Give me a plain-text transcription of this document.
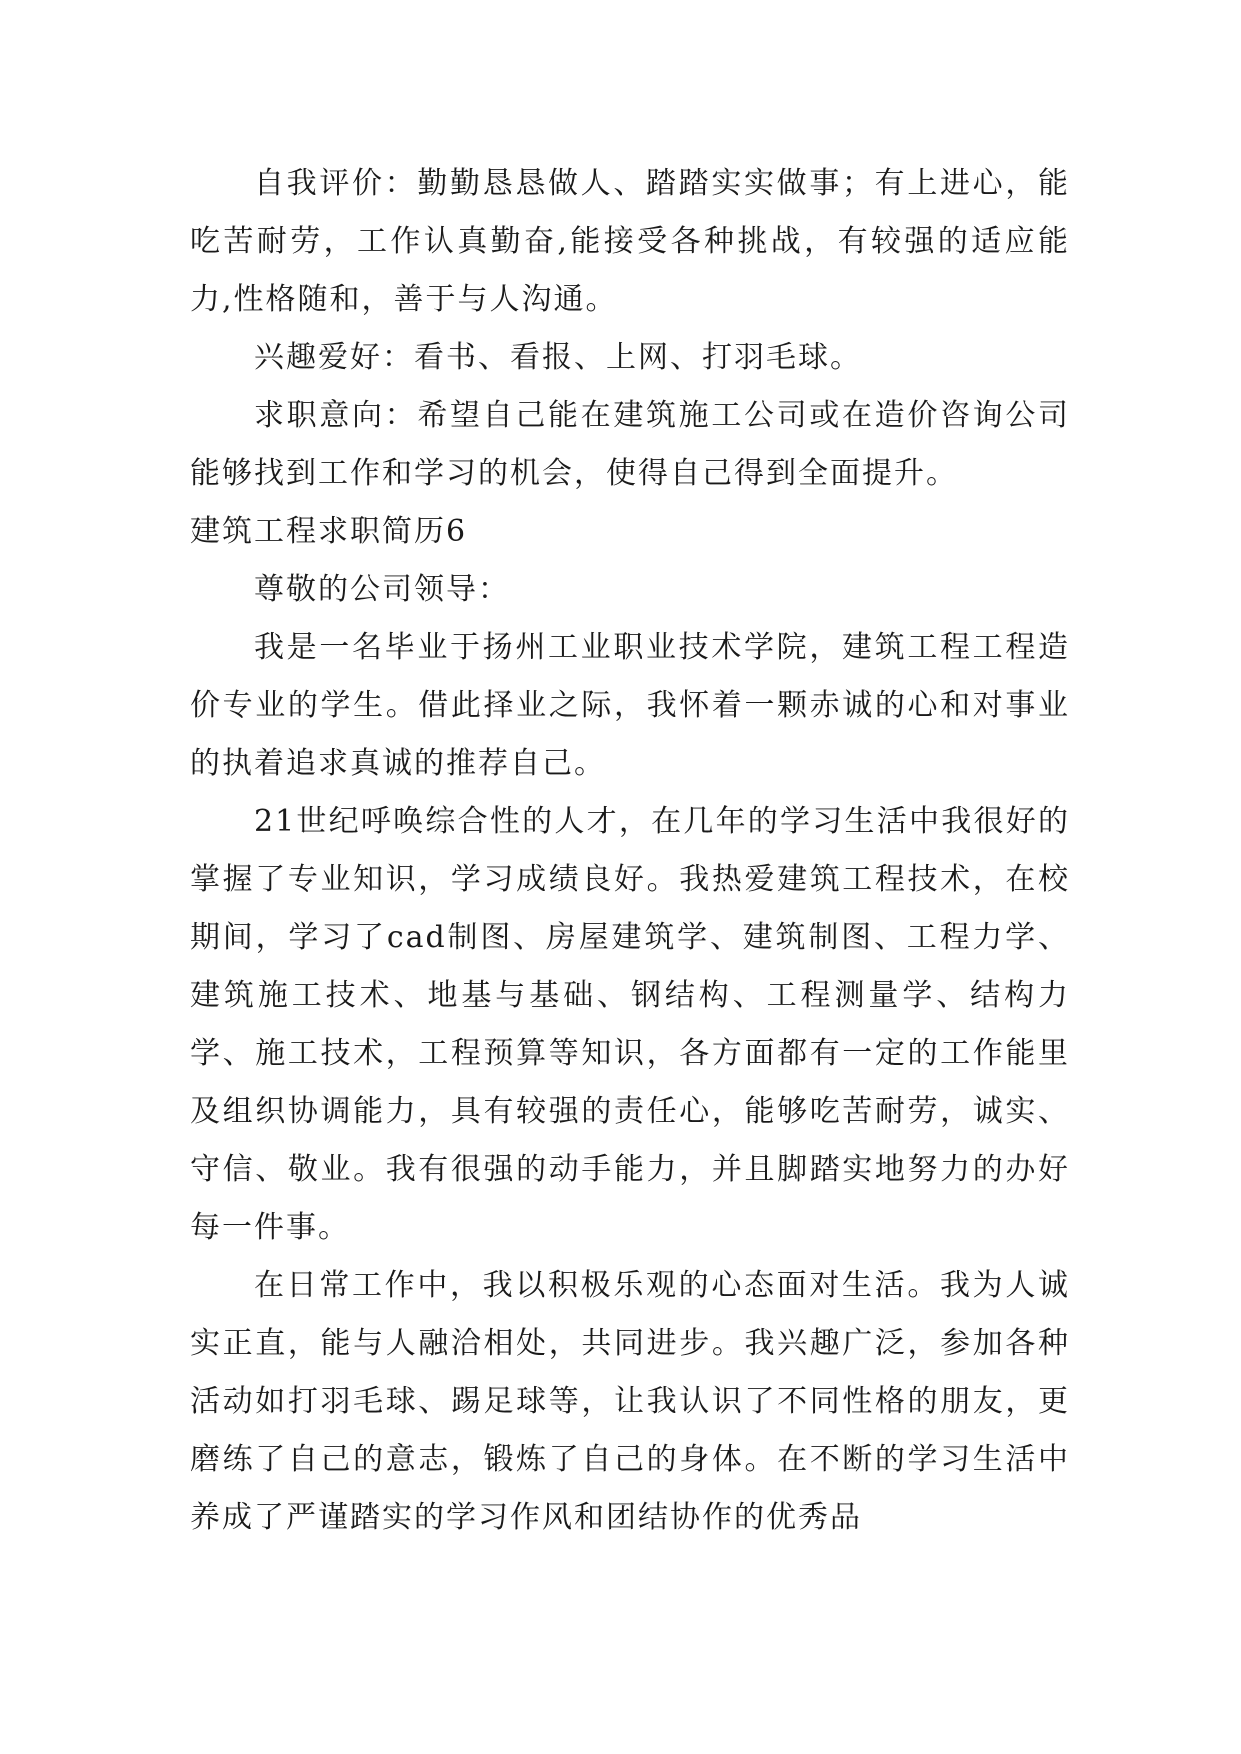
自我评价：勤勤恳恳做人、踏踏实实做事；有上进心，能吃苦耐劳，工作认真勤奋,能接受各种挑战，有较强的适应能力,性格随和，善于与人沟通。

兴趣爱好：看书、看报、上网、打羽毛球。

求职意向：希望自己能在建筑施工公司或在造价咨询公司能够找到工作和学习的机会，使得自己得到全面提升。

建筑工程求职简历6

尊敬的公司领导：

我是一名毕业于扬州工业职业技术学院，建筑工程工程造价专业的学生。借此择业之际，我怀着一颗赤诚的心和对事业的执着追求真诚的推荐自己。

21世纪呼唤综合性的人才，在几年的学习生活中我很好的掌握了专业知识，学习成绩良好。我热爱建筑工程技术，在校期间，学习了cad制图、房屋建筑学、建筑制图、工程力学、建筑施工技术、地基与基础、钢结构、工程测量学、结构力学、施工技术，工程预算等知识，各方面都有一定的工作能里及组织协调能力，具有较强的责任心，能够吃苦耐劳，诚实、守信、敬业。我有很强的动手能力，并且脚踏实地努力的办好每一件事。

在日常工作中，我以积极乐观的心态面对生活。我为人诚实正直，能与人融洽相处，共同进步。我兴趣广泛，参加各种活动如打羽毛球、踢足球等，让我认识了不同性格的朋友，更磨练了自己的意志，锻炼了自己的身体。在不断的学习生活中养成了严谨踏实的学习作风和团结协作的优秀品
